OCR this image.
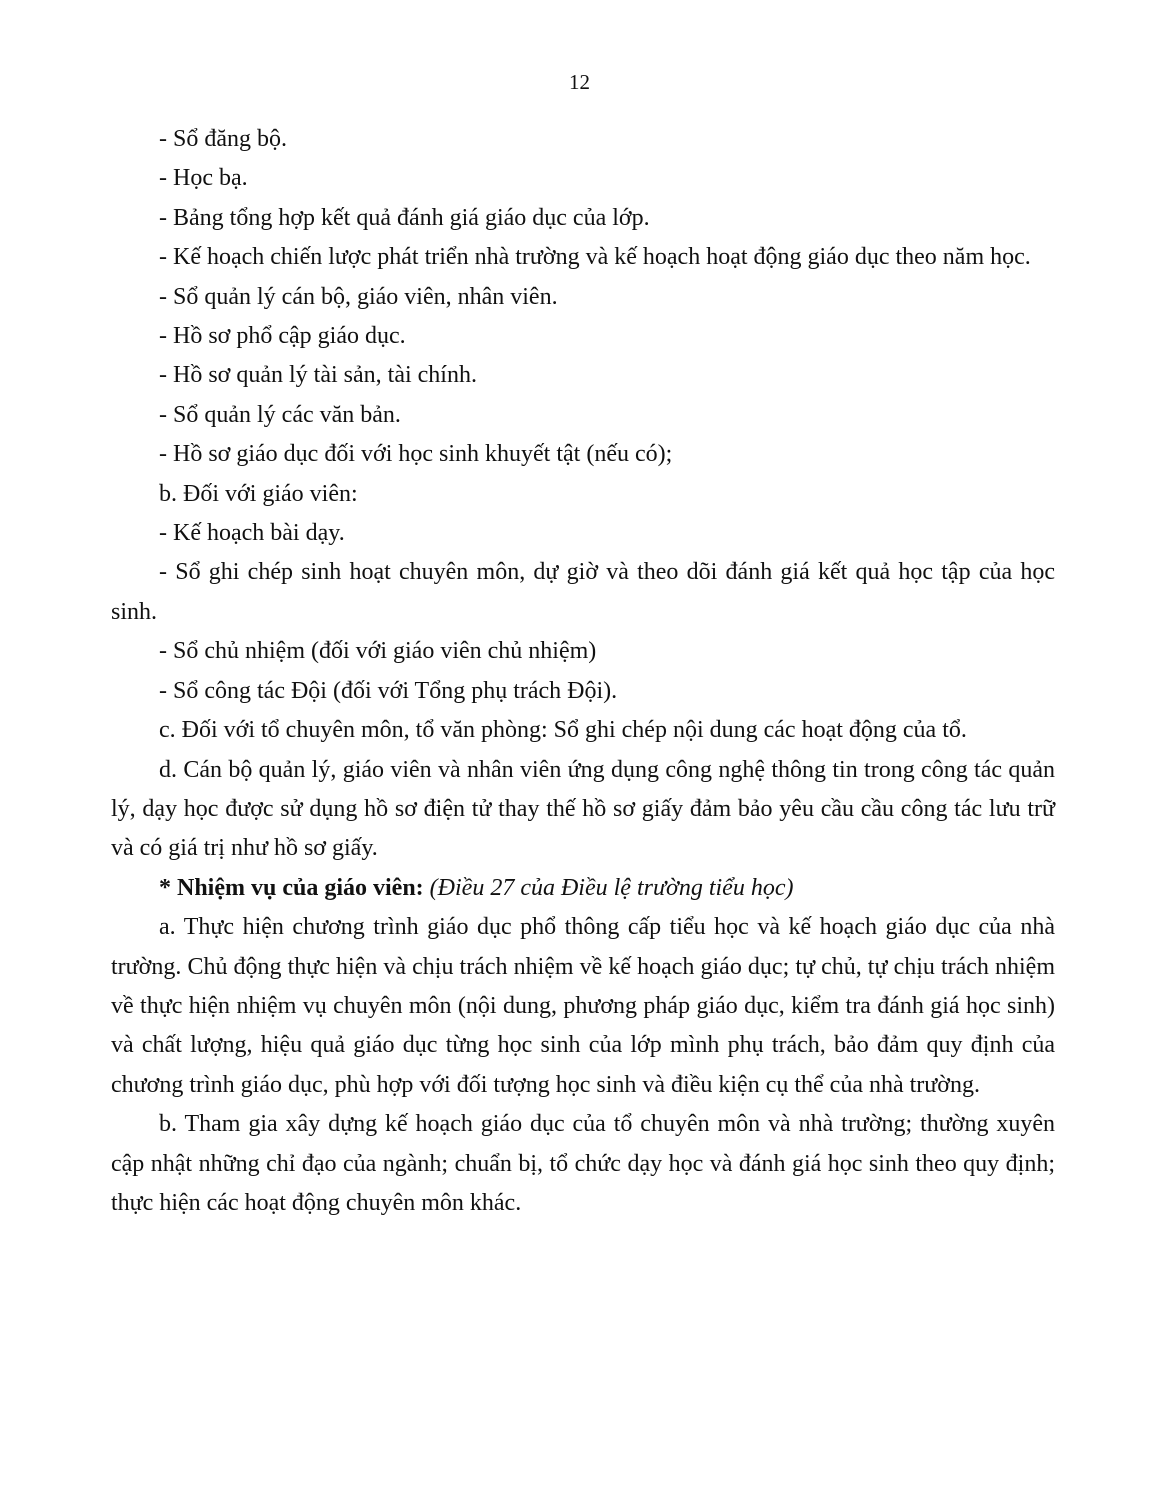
12

- Sổ đăng bộ.

- Học bạ.

- Bảng tổng hợp kết quả đánh giá giáo dục của lớp.

- Kế hoạch chiến lược phát triển nhà trường và kế hoạch hoạt động giáo dục theo năm học.

- Sổ quản lý cán bộ, giáo viên, nhân viên.

- Hồ sơ phổ cập giáo dục.

- Hồ sơ quản lý tài sản, tài chính.

- Sổ quản lý các văn bản.

- Hồ sơ giáo dục đối với học sinh khuyết tật (nếu có);

b. Đối với giáo viên:

- Kế hoạch bài dạy.

- Sổ ghi chép sinh hoạt chuyên môn, dự giờ và theo dõi đánh giá kết quả học tập của học sinh.

- Sổ chủ nhiệm (đối với giáo viên chủ nhiệm)

- Sổ công tác Đội (đối với Tổng phụ trách Đội).

c. Đối với tổ chuyên môn, tổ văn phòng: Sổ ghi chép nội dung các hoạt động của tổ.

d. Cán bộ quản lý, giáo viên và nhân viên ứng dụng công nghệ thông tin trong công tác quản lý, dạy học được sử dụng hồ sơ điện tử thay thế hồ sơ giấy đảm bảo yêu cầu cầu công tác lưu trữ và có giá trị như hồ sơ giấy.

* Nhiệm vụ của giáo viên: (Điều 27 của Điều lệ trường tiểu học)

a. Thực hiện chương trình giáo dục phổ thông cấp tiểu học và kế hoạch giáo dục của nhà trường. Chủ động thực hiện và chịu trách nhiệm về kế hoạch giáo dục; tự chủ, tự chịu trách nhiệm về thực hiện nhiệm vụ chuyên môn (nội dung, phương pháp giáo dục, kiểm tra đánh giá học sinh) và chất lượng, hiệu quả giáo dục từng học sinh của lớp mình phụ trách, bảo đảm quy định của chương trình giáo dục, phù hợp với đối tượng học sinh và điều kiện cụ thể của nhà trường.

b. Tham gia xây dựng kế hoạch giáo dục của tổ chuyên môn và nhà trường; thường xuyên cập nhật những chỉ đạo của ngành; chuẩn bị, tổ chức dạy học và đánh giá học sinh theo quy định; thực hiện các hoạt động chuyên môn khác.
